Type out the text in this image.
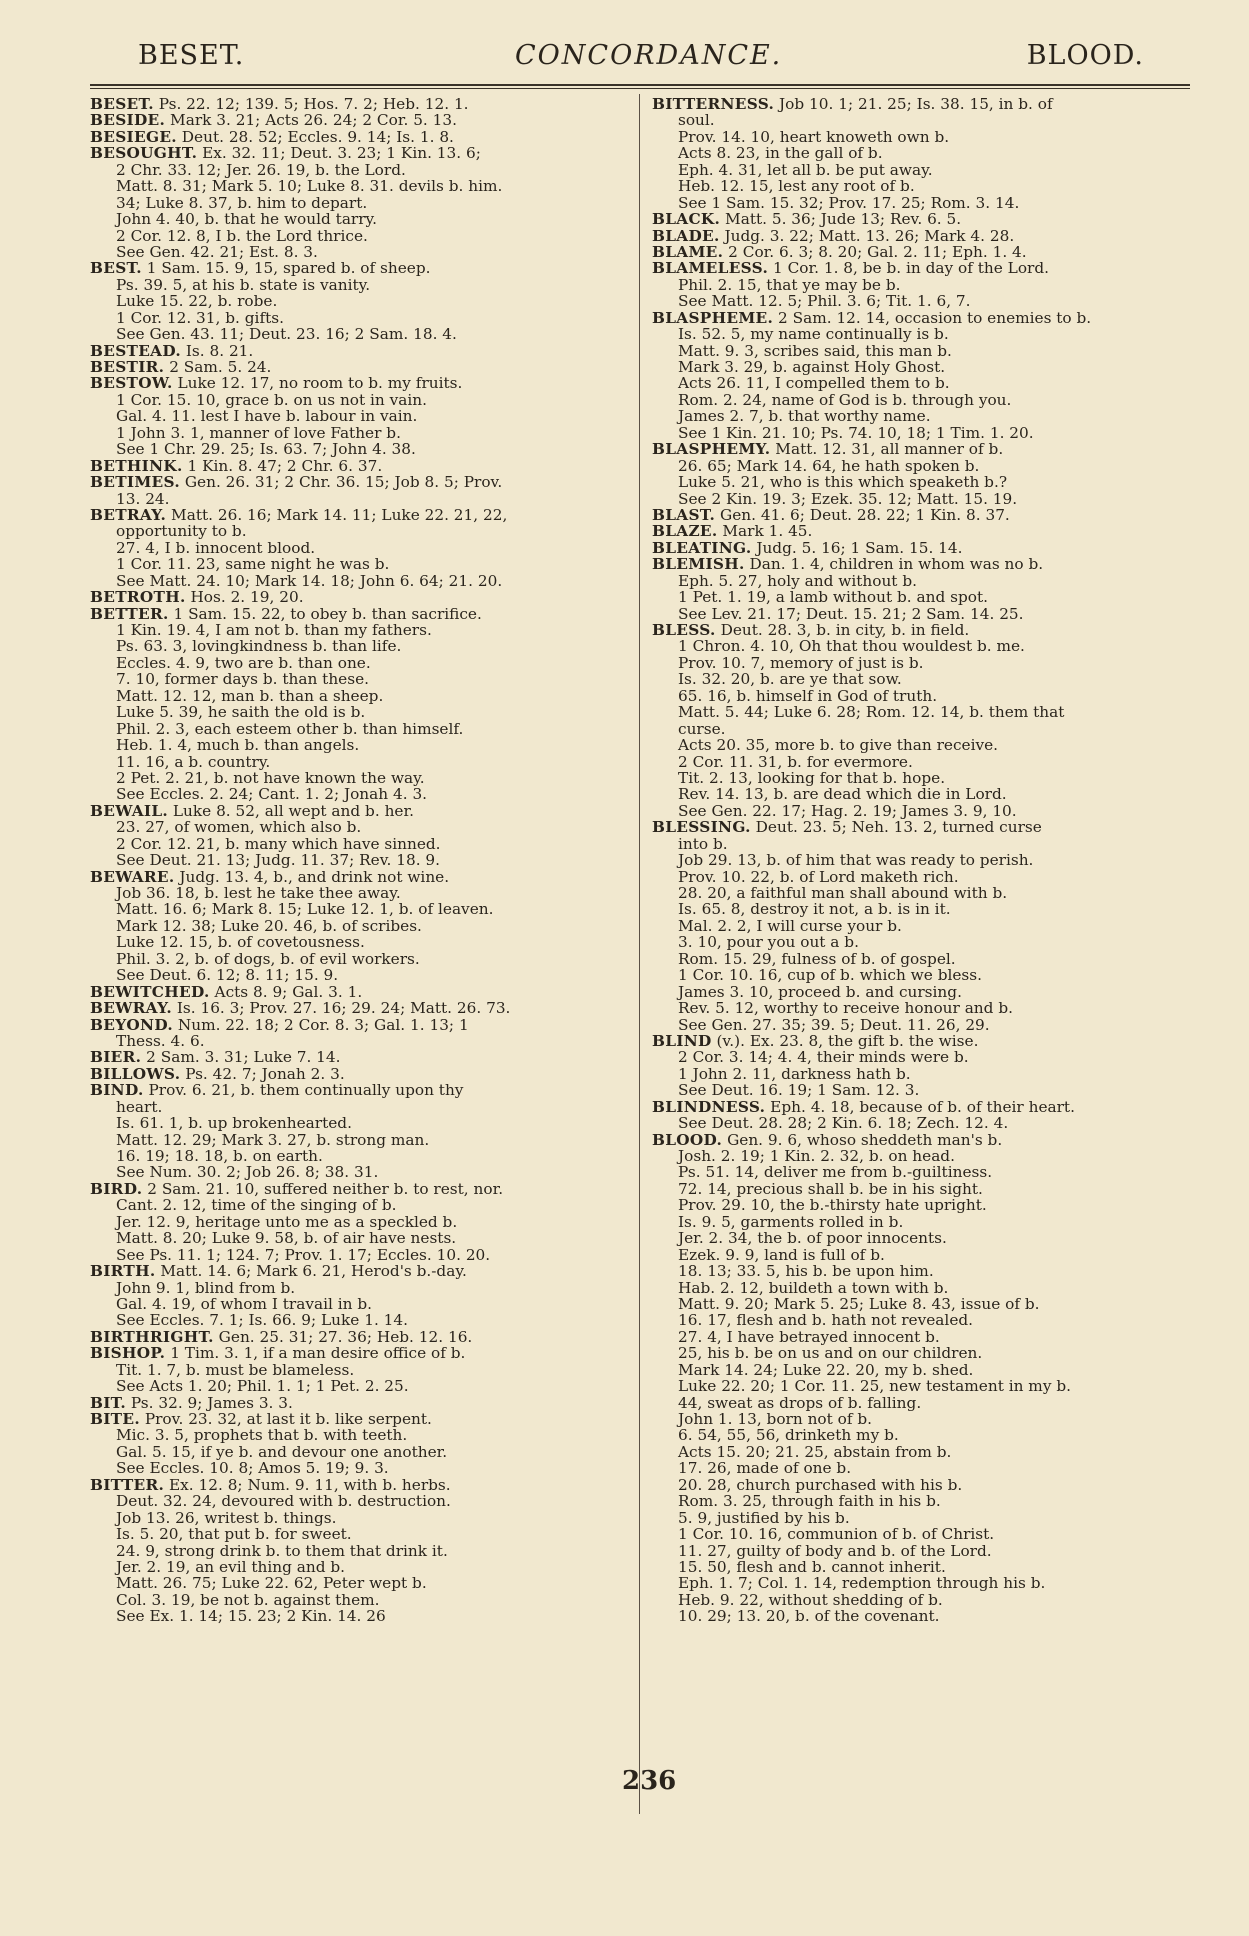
BESET.	CONCORDANCE.	BLOOD.
BESET. Ps. 22. 12; 139. 5; Hos. 7. 2; Heb. 12. 1.
BESIDE. Mark 3. 21; Acts 26. 24; 2 Cor. 5. 13.
BESIEGE. Deut. 28. 52; Eccles. 9. 14; Is. 1. 8.
BESOUGHT. Ex. 32. 11; Deut. 3. 23; 1 Kin. 13. 6;
2 Chr. 33. 12; Jer. 26. 19, b. the Lord.
Matt. 8. 31; Mark 5. 10; Luke 8. 31. devils b. him.
34; Luke 8. 37, b. him to depart.
John 4. 40, b. that he would tarry.
2 Cor. 12. 8, I b. the Lord thrice.
See Gen. 42. 21; Est. 8. 3.
BEST. 1 Sam. 15. 9, 15, spared b. of sheep.
Ps. 39. 5, at his b. state is vanity.
Luke 15. 22, b. robe.
1 Cor. 12. 31, b. gifts.
See Gen. 43. 11; Deut. 23. 16; 2 Sam. 18. 4.
BESTEAD. Is. 8. 21.
BESTIR. 2 Sam. 5. 24.
BESTOW. Luke 12. 17, no room to b. my fruits.
1 Cor. 15. 10, grace b. on us not in vain.
Gal. 4. 11. lest I have b. labour in vain.
1 John 3. 1, manner of love Father b.
See 1 Chr. 29. 25; Is. 63. 7; John 4. 38.
BETHINK. 1 Kin. 8. 47; 2 Chr. 6. 37.
BETIMES. Gen. 26. 31; 2 Chr. 36. 15; Job 8. 5; Prov.
13. 24.
BETRAY. Matt. 26. 16; Mark 14. 11; Luke 22. 21, 22,
opportunity to b.
27. 4, I b. innocent blood.
1 Cor. 11. 23, same night he was b.
See Matt. 24. 10; Mark 14. 18; John 6. 64; 21. 20.
BETROTH. Hos. 2. 19, 20.
BETTER. 1 Sam. 15. 22, to obey b. than sacrifice.
1 Kin. 19. 4, I am not b. than my fathers.
Ps. 63. 3, lovingkindness b. than life.
Eccles. 4. 9, two are b. than one.
7. 10, former days b. than these.
Matt. 12. 12, man b. than a sheep.
Luke 5. 39, he saith the old is b.
Phil. 2. 3, each esteem other b. than himself.
Heb. 1. 4, much b. than angels.
11. 16, a b. country.
2 Pet. 2. 21, b. not have known the way.
See Eccles. 2. 24; Cant. 1. 2; Jonah 4. 3.
BEWAIL. Luke 8. 52, all wept and b. her.
23. 27, of women, which also b.
2 Cor. 12. 21, b. many which have sinned.
See Deut. 21. 13; Judg. 11. 37; Rev. 18. 9.
BEWARE. Judg. 13. 4, b., and drink not wine.
Job 36. 18, b. lest he take thee away.
Matt. 16. 6; Mark 8. 15; Luke 12. 1, b. of leaven.
Mark 12. 38; Luke 20. 46, b. of scribes.
Luke 12. 15, b. of covetousness.
Phil. 3. 2, b. of dogs, b. of evil workers.
See Deut. 6. 12; 8. 11; 15. 9.
BEWITCHED. Acts 8. 9; Gal. 3. 1.
BEWRAY. Is. 16. 3; Prov. 27. 16; 29. 24; Matt. 26. 73.
BEYOND. Num. 22. 18; 2 Cor. 8. 3; Gal. 1. 13; 1
Thess. 4. 6.
BIER. 2 Sam. 3. 31; Luke 7. 14.
BILLOWS. Ps. 42. 7; Jonah 2. 3.
BIND. Prov. 6. 21, b. them continually upon thy
heart.
Is. 61. 1, b. up brokenhearted.
Matt. 12. 29; Mark 3. 27, b. strong man.
16. 19; 18. 18, b. on earth.
See Num. 30. 2; Job 26. 8; 38. 31.
BIRD. 2 Sam. 21. 10, suffered neither b. to rest, nor.
Cant. 2. 12, time of the singing of b.
Jer. 12. 9, heritage unto me as a speckled b.
Matt. 8. 20; Luke 9. 58, b. of air have nests.
See Ps. 11. 1; 124. 7; Prov. 1. 17; Eccles. 10. 20.
BIRTH. Matt. 14. 6; Mark 6. 21, Herod's b.-day.
John 9. 1, blind from b.
Gal. 4. 19, of whom I travail in b.
See Eccles. 7. 1; Is. 66. 9; Luke 1. 14.
BIRTHRIGHT. Gen. 25. 31; 27. 36; Heb. 12. 16.
BISHOP. 1 Tim. 3. 1, if a man desire office of b.
Tit. 1. 7, b. must be blameless.
See Acts 1. 20; Phil. 1. 1; 1 Pet. 2. 25.
BIT. Ps. 32. 9; James 3. 3.
BITE. Prov. 23. 32, at last it b. like serpent.
Mic. 3. 5, prophets that b. with teeth.
Gal. 5. 15, if ye b. and devour one another.
See Eccles. 10. 8; Amos 5. 19; 9. 3.
BITTER. Ex. 12. 8; Num. 9. 11, with b. herbs.
Deut. 32. 24, devoured with b. destruction.
Job 13. 26, writest b. things.
Is. 5. 20, that put b. for sweet.
24. 9, strong drink b. to them that drink it.
Jer. 2. 19, an evil thing and b.
Matt. 26. 75; Luke 22. 62, Peter wept b.
Col. 3. 19, be not b. against them.
See Ex. 1. 14; 15. 23; 2 Kin. 14. 26
BITTERNESS. Job 10. 1; 21. 25; Is. 38. 15, in b. of
soul.
Prov. 14. 10, heart knoweth own b.
Acts 8. 23, in the gall of b.
Eph. 4. 31, let all b. be put away.
Heb. 12. 15, lest any root of b.
See 1 Sam. 15. 32; Prov. 17. 25; Rom. 3. 14.
BLACK. Matt. 5. 36; Jude 13; Rev. 6. 5.
BLADE. Judg. 3. 22; Matt. 13. 26; Mark 4. 28.
BLAME. 2 Cor. 6. 3; 8. 20; Gal. 2. 11; Eph. 1. 4.
BLAMELESS. 1 Cor. 1. 8, be b. in day of the Lord.
Phil. 2. 15, that ye may be b.
See Matt. 12. 5; Phil. 3. 6; Tit. 1. 6, 7.
BLASPHEME. 2 Sam. 12. 14, occasion to enemies to b.
Is. 52. 5, my name continually is b.
Matt. 9. 3, scribes said, this man b.
Mark 3. 29, b. against Holy Ghost.
Acts 26. 11, I compelled them to b.
Rom. 2. 24, name of God is b. through you.
James 2. 7, b. that worthy name.
See 1 Kin. 21. 10; Ps. 74. 10, 18; 1 Tim. 1. 20.
BLASPHEMY. Matt. 12. 31, all manner of b.
26. 65; Mark 14. 64, he hath spoken b.
Luke 5. 21, who is this which speaketh b.?
See 2 Kin. 19. 3; Ezek. 35. 12; Matt. 15. 19.
BLAST. Gen. 41. 6; Deut. 28. 22; 1 Kin. 8. 37.
BLAZE. Mark 1. 45.
BLEATING. Judg. 5. 16; 1 Sam. 15. 14.
BLEMISH. Dan. 1. 4, children in whom was no b.
Eph. 5. 27, holy and without b.
1 Pet. 1. 19, a lamb without b. and spot.
See Lev. 21. 17; Deut. 15. 21; 2 Sam. 14. 25.
BLESS. Deut. 28. 3, b. in city, b. in field.
1 Chron. 4. 10, Oh that thou wouldest b. me.
Prov. 10. 7, memory of just is b.
Is. 32. 20, b. are ye that sow.
65. 16, b. himself in God of truth.
Matt. 5. 44; Luke 6. 28; Rom. 12. 14, b. them that
curse.
Acts 20. 35, more b. to give than receive.
2 Cor. 11. 31, b. for evermore.
Tit. 2. 13, looking for that b. hope.
Rev. 14. 13, b. are dead which die in Lord.
See Gen. 22. 17; Hag. 2. 19; James 3. 9, 10.
BLESSING. Deut. 23. 5; Neh. 13. 2, turned curse
into b.
Job 29. 13, b. of him that was ready to perish.
Prov. 10. 22, b. of Lord maketh rich.
28. 20, a faithful man shall abound with b.
Is. 65. 8, destroy it not, a b. is in it.
Mal. 2. 2, I will curse your b.
3. 10, pour you out a b.
Rom. 15. 29, fulness of b. of gospel.
1 Cor. 10. 16, cup of b. which we bless.
James 3. 10, proceed b. and cursing.
Rev. 5. 12, worthy to receive honour and b.
See Gen. 27. 35; 39. 5; Deut. 11. 26, 29.
BLIND (v.). Ex. 23. 8, the gift b. the wise.
2 Cor. 3. 14; 4. 4, their minds were b.
1 John 2. 11, darkness hath b.
See Deut. 16. 19; 1 Sam. 12. 3.
BLINDNESS. Eph. 4. 18, because of b. of their heart.
See Deut. 28. 28; 2 Kin. 6. 18; Zech. 12. 4.
BLOOD. Gen. 9. 6, whoso sheddeth man's b.
Josh. 2. 19; 1 Kin. 2. 32, b. on head.
Ps. 51. 14, deliver me from b.-guiltiness.
72. 14, precious shall b. be in his sight.
Prov. 29. 10, the b.-thirsty hate upright.
Is. 9. 5, garments rolled in b.
Jer. 2. 34, the b. of poor innocents.
Ezek. 9. 9, land is full of b.
18. 13; 33. 5, his b. be upon him.
Hab. 2. 12, buildeth a town with b.
Matt. 9. 20; Mark 5. 25; Luke 8. 43, issue of b.
16. 17, flesh and b. hath not revealed.
27. 4, I have betrayed innocent b.
25, his b. be on us and on our children.
Mark 14. 24; Luke 22. 20, my b. shed.
Luke 22. 20; 1 Cor. 11. 25, new testament in my b.
44, sweat as drops of b. falling.
John 1. 13, born not of b.
6. 54, 55, 56, drinketh my b.
Acts 15. 20; 21. 25, abstain from b.
17. 26, made of one b.
20. 28, church purchased with his b.
Rom. 3. 25, through faith in his b.
5. 9, justified by his b.
1 Cor. 10. 16, communion of b. of Christ.
11. 27, guilty of body and b. of the Lord.
15. 50, flesh and b. cannot inherit.
Eph. 1. 7; Col. 1. 14, redemption through his b.
Heb. 9. 22, without shedding of b.
10. 29; 13. 20, b. of the covenant.
236
